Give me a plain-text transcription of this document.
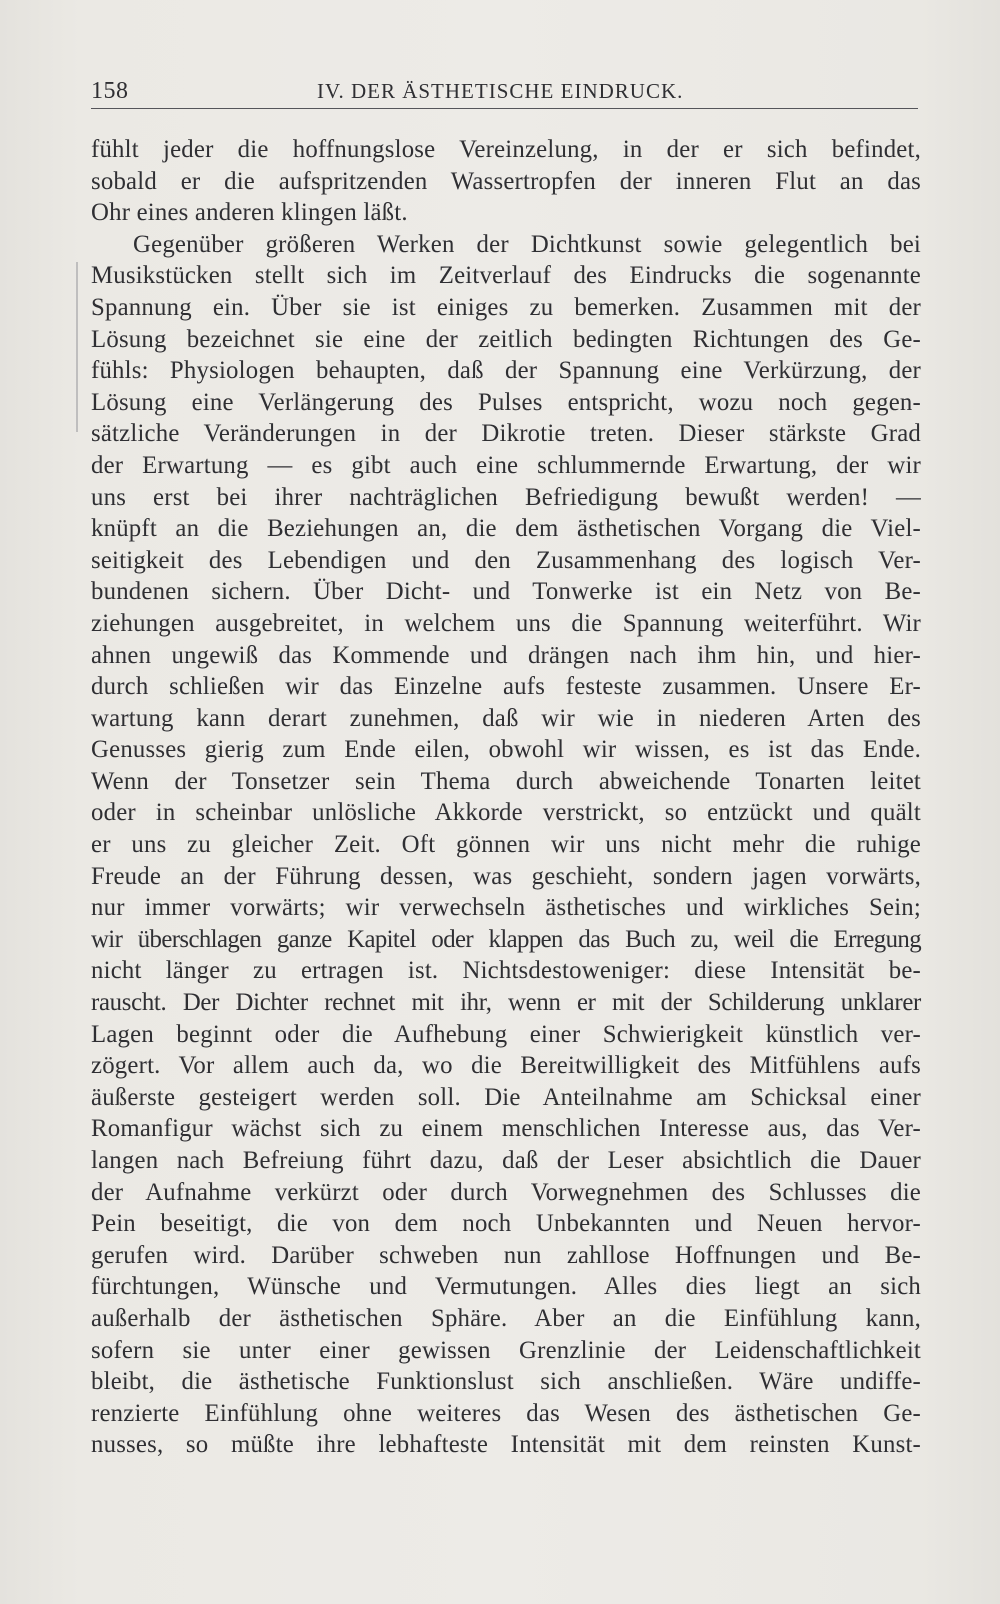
158	IV. DER ÄSTHETISCHE EINDRUCK.
fühlt jeder die hoffnungslose Vereinzelung, in der er sich befindet,
sobald er die aufspritzenden Wassertropfen der inneren Flut an das
Ohr eines anderen klingen läßt.
Gegenüber größeren Werken der Dichtkunst sowie gelegentlich bei
Musikstücken stellt sich im Zeitverlauf des Eindrucks die sogenannte
Spannung ein. Über sie ist einiges zu bemerken. Zusammen mit der
Lösung bezeichnet sie eine der zeitlich bedingten Richtungen des Ge-
fühls: Physiologen behaupten, daß der Spannung eine Verkürzung, der
Lösung eine Verlängerung des Pulses entspricht, wozu noch gegen-
sätzliche Veränderungen in der Dikrotie treten. Dieser stärkste Grad
der Erwartung — es gibt auch eine schlummernde Erwartung, der wir
uns erst bei ihrer nachträglichen Befriedigung bewußt werden! —
knüpft an die Beziehungen an, die dem ästhetischen Vorgang die Viel-
seitigkeit des Lebendigen und den Zusammenhang des logisch Ver-
bundenen sichern. Über Dicht- und Tonwerke ist ein Netz von Be-
ziehungen ausgebreitet, in welchem uns die Spannung weiterführt. Wir
ahnen ungewiß das Kommende und drängen nach ihm hin, und hier-
durch schließen wir das Einzelne aufs festeste zusammen. Unsere Er-
wartung kann derart zunehmen, daß wir wie in niederen Arten des
Genusses gierig zum Ende eilen, obwohl wir wissen, es ist das Ende.
Wenn der Tonsetzer sein Thema durch abweichende Tonarten leitet
oder in scheinbar unlösliche Akkorde verstrickt, so entzückt und quält
er uns zu gleicher Zeit. Oft gönnen wir uns nicht mehr die ruhige
Freude an der Führung dessen, was geschieht, sondern jagen vorwärts,
nur immer vorwärts; wir verwechseln ästhetisches und wirkliches Sein;
wir überschlagen ganze Kapitel oder klappen das Buch zu, weil die Erregung
nicht länger zu ertragen ist. Nichtsdestoweniger: diese Intensität be-
rauscht. Der Dichter rechnet mit ihr, wenn er mit der Schilderung unklarer
Lagen beginnt oder die Aufhebung einer Schwierigkeit künstlich ver-
zögert. Vor allem auch da, wo die Bereitwilligkeit des Mitfühlens aufs
äußerste gesteigert werden soll. Die Anteilnahme am Schicksal einer
Romanfigur wächst sich zu einem menschlichen Interesse aus, das Ver-
langen nach Befreiung führt dazu, daß der Leser absichtlich die Dauer
der Aufnahme verkürzt oder durch Vorwegnehmen des Schlusses die
Pein beseitigt, die von dem noch Unbekannten und Neuen hervor-
gerufen wird. Darüber schweben nun zahllose Hoffnungen und Be-
fürchtungen, Wünsche und Vermutungen. Alles dies liegt an sich
außerhalb der ästhetischen Sphäre. Aber an die Einfühlung kann,
sofern sie unter einer gewissen Grenzlinie der Leidenschaftlichkeit
bleibt, die ästhetische Funktionslust sich anschließen. Wäre undiffe-
renzierte Einfühlung ohne weiteres das Wesen des ästhetischen Ge-
nusses, so müßte ihre lebhafteste Intensität mit dem reinsten Kunst-
